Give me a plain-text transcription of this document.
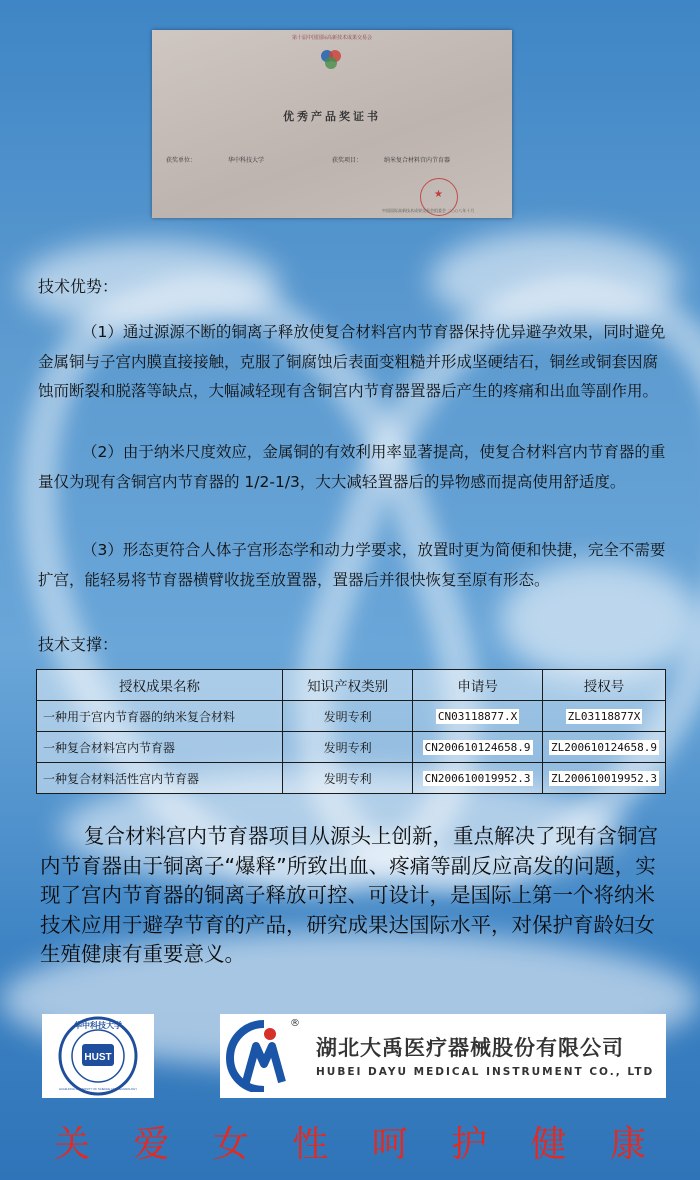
第十届中国国际高新技术成果交易会
优秀产品奖证书
获奖单位：	华中科技大学	获奖项目：	纳米复合材料宫内节育器
★
中国国际高新技术成果交易会组委会 二○○八年十月
技术优势：
（1）通过源源不断的铜离子释放使复合材料宫内节育器保持优异避孕效果，同时避免金属铜与子宫内膜直接接触，克服了铜腐蚀后表面变粗糙并形成坚硬结石，铜丝或铜套因腐蚀而断裂和脱落等缺点，大幅减轻现有含铜宫内节育器置器后产生的疼痛和出血等副作用。
（2）由于纳米尺度效应，金属铜的有效利用率显著提高，使复合材料宫内节育器的重量仅为现有含铜宫内节育器的 1/2-1/3，大大减轻置器后的异物感而提高使用舒适度。
（3）形态更符合人体子宫形态学和动力学要求，放置时更为简便和快捷，完全不需要扩宫，能轻易将节育器横臂收拢至放置器，置器后并很快恢复至原有形态。
技术支撑：
授权成果名称	知识产权类别	申请号	授权号
一种用于宫内节育器的纳米复合材料	发明专利	CN03118877.X	ZL03118877X
一种复合材料宫内节育器	发明专利	CN200610124658.9	ZL200610124658.9
一种复合材料活性宫内节育器	发明专利	CN200610019952.3	ZL200610019952.3
复合材料宫内节育器项目从源头上创新，重点解决了现有含铜宫内节育器由于铜离子“爆释”所致出血、疼痛等副反应高发的问题，实现了宫内节育器的铜离子释放可控、可设计，是国际上第一个将纳米技术应用于避孕节育的产品，研究成果达国际水平，对保护育龄妇女生殖健康有重要意义。
HUST
华中科技大学
HUAZHONG UNIVERSITY OF SCIENCE AND TECHNOLOGY
®
湖北大禹医疗器械股份有限公司
HUBEI DAYU MEDICAL INSTRUMENT CO., LTD
关 爱 女 性 呵 护 健 康
